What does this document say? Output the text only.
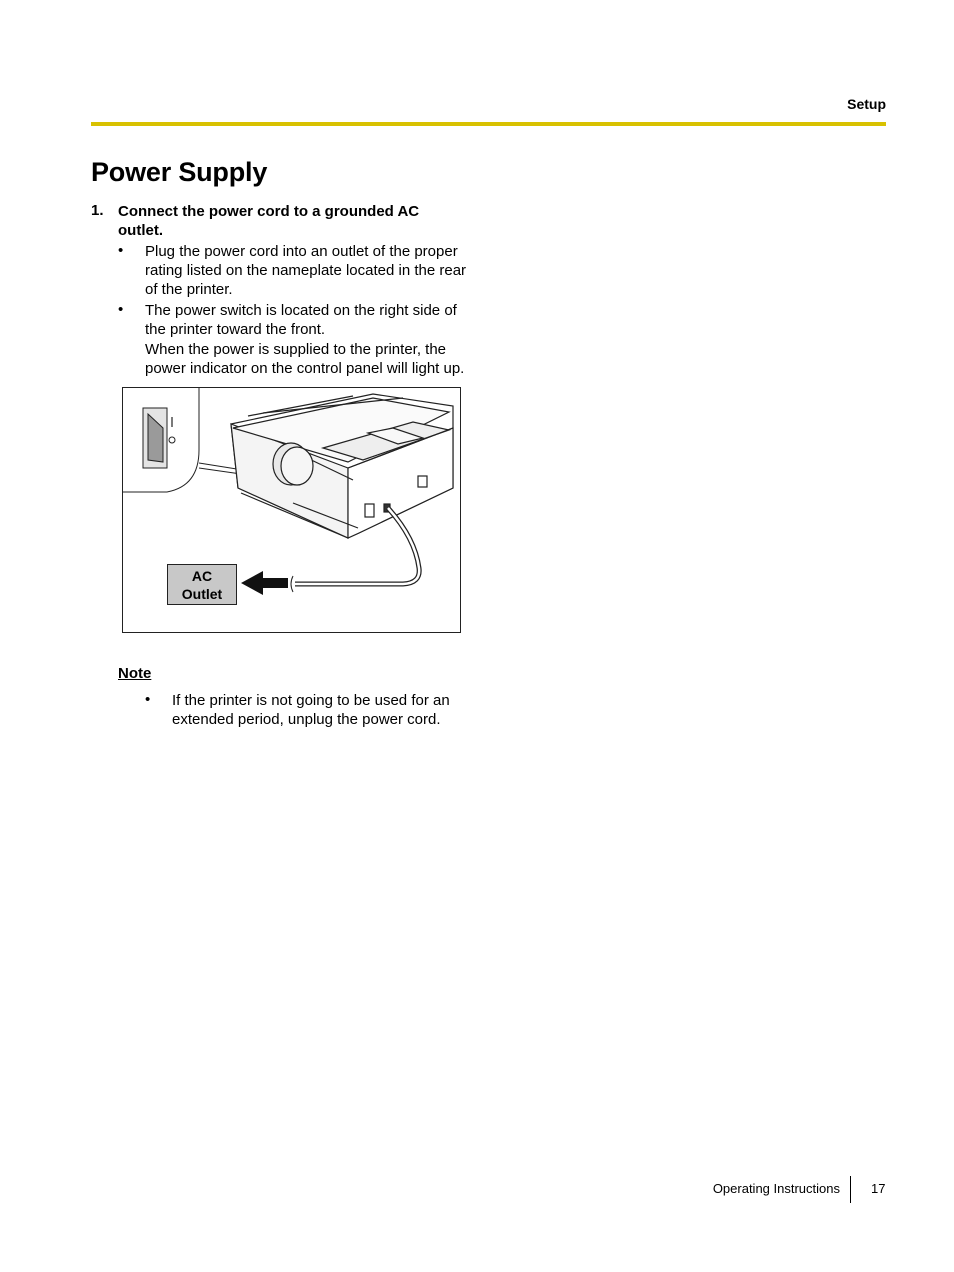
Setup
Power Supply
1. Connect the power cord to a grounded AC outlet.
• Plug the power cord into an outlet of the proper rating listed on the nameplate located in the rear of the printer.
• The power switch is located on the right side of the printer toward the front.
When the power is supplied to the printer, the power indicator on the control panel will light up.
AC
Outlet
Note
• If the printer is not going to be used for an extended period, unplug the power cord.
Operating Instructions 17
